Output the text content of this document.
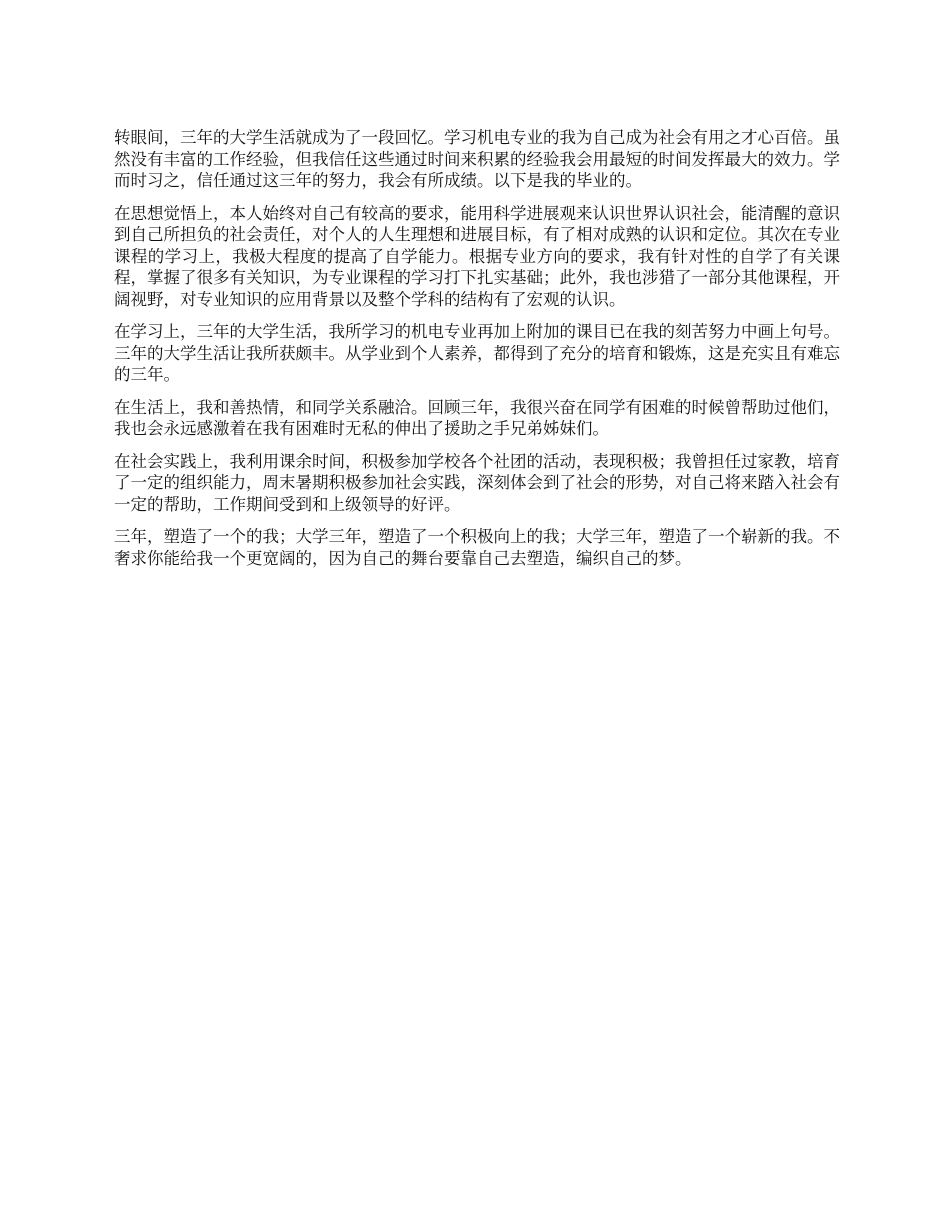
转眼间，三年的大学生活就成为了一段回忆。学习机电专业的我为自己成为社会有用之才心百倍。虽然没有丰富的工作经验，但我信任这些通过时间来积累的经验我会用最短的时间发挥最大的效力。学而时习之，信任通过这三年的努力，我会有所成绩。以下是我的毕业的。

在思想觉悟上，本人始终对自己有较高的要求，能用科学进展观来认识世界认识社会，能清醒的意识到自己所担负的社会责任，对个人的人生理想和进展目标，有了相对成熟的认识和定位。其次在专业课程的学习上，我极大程度的提高了自学能力。根据专业方向的要求，我有针对性的自学了有关课程，掌握了很多有关知识，为专业课程的学习打下扎实基础；此外，我也涉猎了一部分其他课程，开阔视野，对专业知识的应用背景以及整个学科的结构有了宏观的认识。

在学习上，三年的大学生活，我所学习的机电专业再加上附加的课目已在我的刻苦努力中画上句号。三年的大学生活让我所获颇丰。从学业到个人素养，都得到了充分的培育和锻炼，这是充实且有难忘的三年。

在生活上，我和善热情，和同学关系融洽。回顾三年，我很兴奋在同学有困难的时候曾帮助过他们，我也会永远感激着在我有困难时无私的伸出了援助之手兄弟姊妹们。

在社会实践上，我利用课余时间，积极参加学校各个社团的活动，表现积极；我曾担任过家教，培育了一定的组织能力，周末暑期积极参加社会实践，深刻体会到了社会的形势，对自己将来踏入社会有一定的帮助，工作期间受到和上级领导的好评。

三年，塑造了一个的我；大学三年，塑造了一个积极向上的我；大学三年，塑造了一个崭新的我。不奢求你能给我一个更宽阔的，因为自己的舞台要靠自己去塑造，编织自己的梦。
